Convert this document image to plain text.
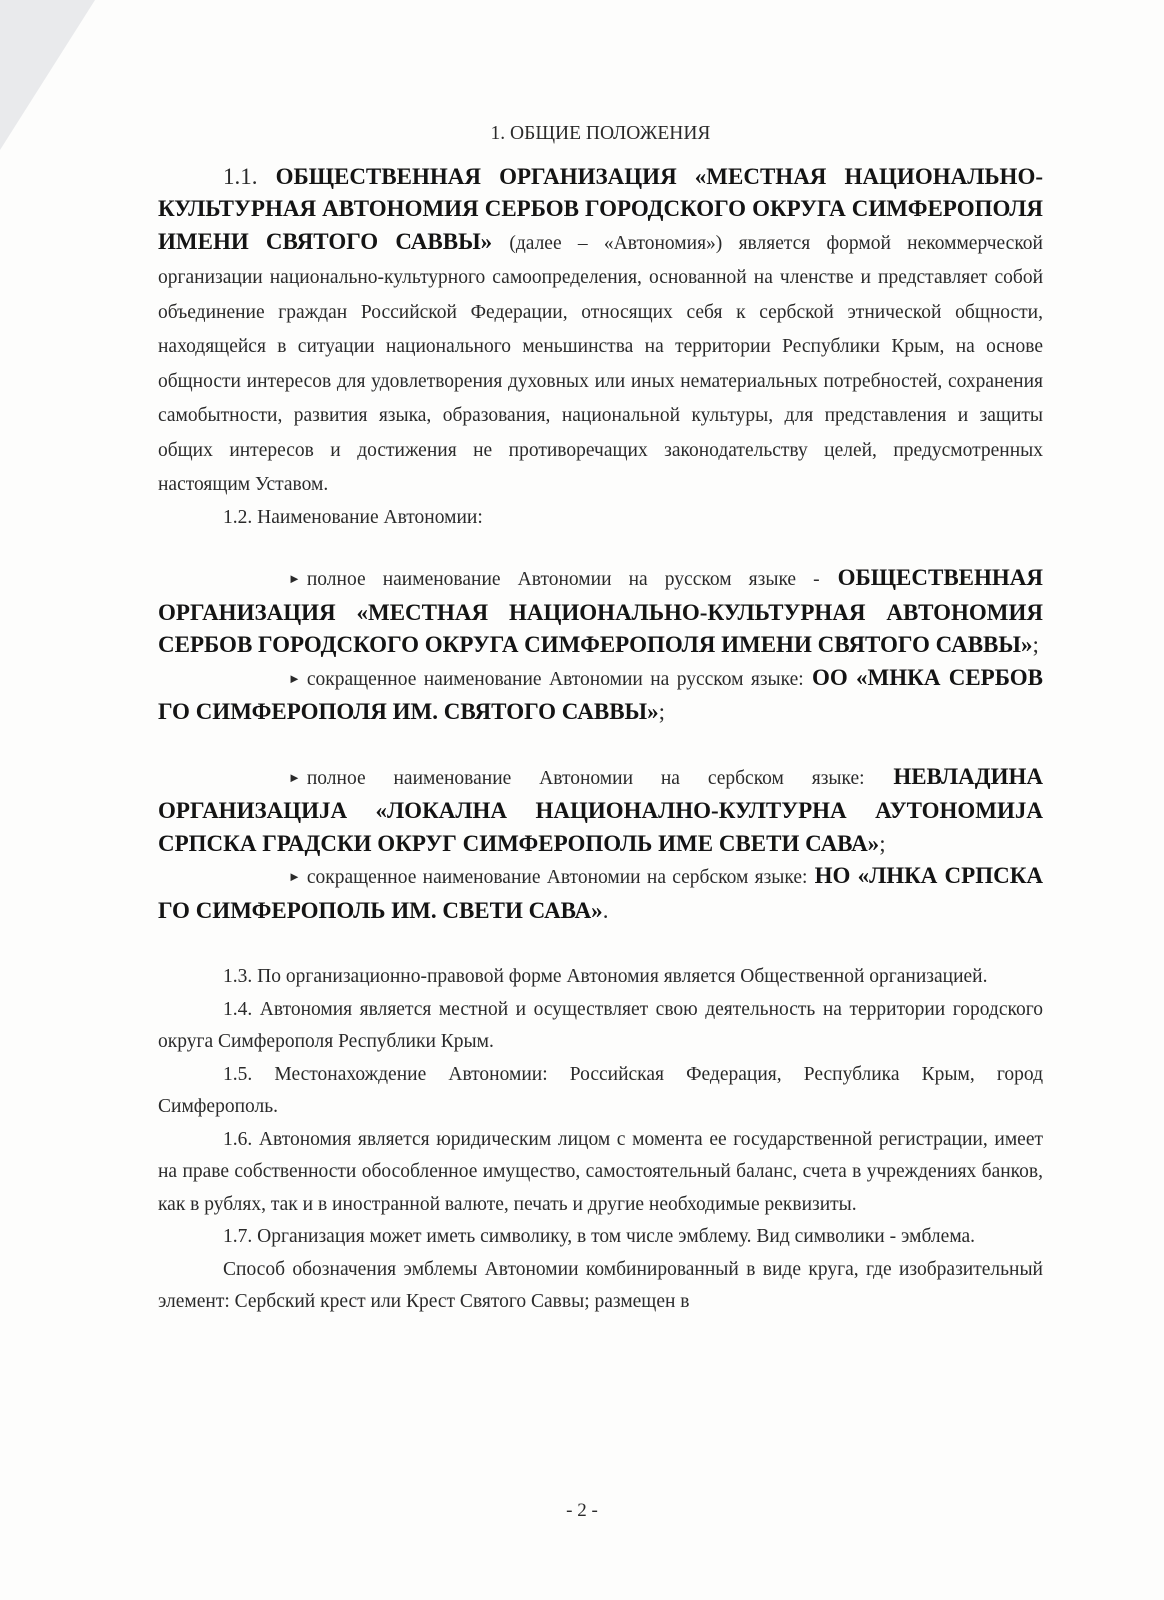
1. ОБЩИЕ ПОЛОЖЕНИЯ

1.1. ОБЩЕСТВЕННАЯ ОРГАНИЗАЦИЯ «МЕСТНАЯ НАЦИОНАЛЬНО-КУЛЬТУРНАЯ АВТОНОМИЯ СЕРБОВ ГОРОДСКОГО ОКРУГА СИМФЕРОПОЛЯ ИМЕНИ СВЯТОГО САВВЫ» (далее – «Автономия») является формой некоммерческой организации национально-культурного самоопределения, основанной на членстве и представляет собой объединение граждан Российской Федерации, относящих себя к сербской этнической общности, находящейся в ситуации национального меньшинства на территории Республики Крым, на основе общности интересов для удовлетворения духовных или иных нематериальных потребностей, сохранения самобытности, развития языка, образования, национальной культуры, для представления и защиты общих интересов и достижения не противоречащих законодательству целей, предусмотренных настоящим Уставом.

1.2. Наименование Автономии:

► полное наименование Автономии на русском языке - ОБЩЕСТВЕННАЯ ОРГАНИЗАЦИЯ «МЕСТНАЯ НАЦИОНАЛЬНО-КУЛЬТУРНАЯ АВТОНОМИЯ СЕРБОВ ГОРОДСКОГО ОКРУГА СИМФЕРОПОЛЯ ИМЕНИ СВЯТОГО САВВЫ»;

► сокращенное наименование Автономии на русском языке: ОО «МНКА СЕРБОВ ГО СИМФЕРОПОЛЯ ИМ. СВЯТОГО САВВЫ»;

► полное наименование Автономии на сербском языке: НЕВЛАДИНА ОРГАНИЗАЦИЈА «ЛОКАЛНА НАЦИОНАЛНО-КУЛТУРНА АУТОНОМИЈА СРПСКА ГРАДСКИ ОКРУГ СИМФЕРОПОЛЬ ИМЕ СВЕТИ САВА»;

► сокращенное наименование Автономии на сербском языке: НО «ЛНКА СРПСКА ГО СИМФЕРОПОЛЬ ИМ. СВЕТИ САВА».

1.3. По организационно-правовой форме Автономия является Общественной организацией.

1.4. Автономия является местной и осуществляет свою деятельность на территории городского округа Симферополя Республики Крым.

1.5. Местонахождение Автономии: Российская Федерация, Республика Крым, город Симферополь.

1.6. Автономия является юридическим лицом с момента ее государственной регистрации, имеет на праве собственности обособленное имущество, самостоятельный баланс, счета в учреждениях банков, как в рублях, так и в иностранной валюте, печать и другие необходимые реквизиты.

1.7. Организация может иметь символику, в том числе эмблему. Вид символики - эмблема.

Способ обозначения эмблемы Автономии комбинированный в виде круга, где изобразительный элемент: Сербский крест или Крест Святого Саввы; размещен в

- 2 -
